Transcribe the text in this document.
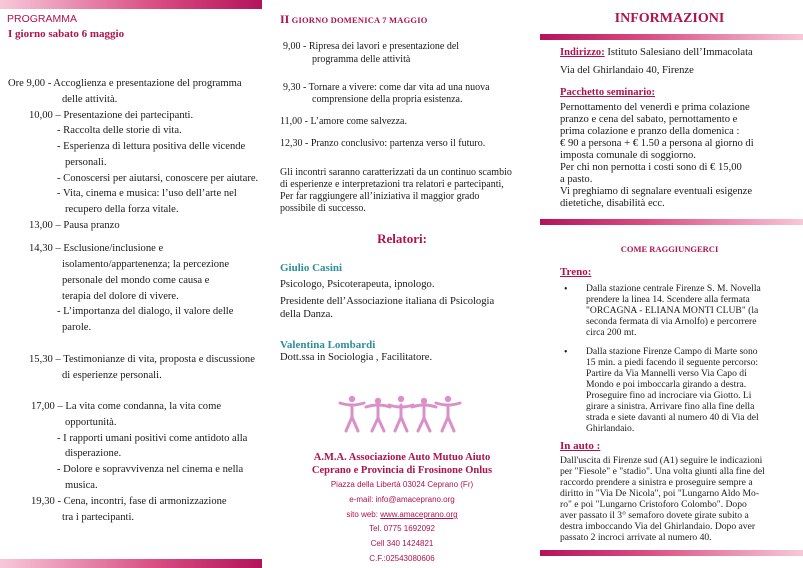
PROGRAMMA
I giorno sabato 6 maggio
Ore 9,00 - Accoglienza e presentazione del programma
delle attività.
10,00 – Presentazione dei partecipanti.
- Raccolta delle storie di vita.
- Esperienza di lettura positiva delle vicende
personali.
- Conoscersi per aiutarsi, conoscere per aiutare.
- Vita, cinema e musica: l’uso dell’arte nel
recupero della forza vitale.
13,00 – Pausa pranzo
14,30 – Esclusione/inclusione e
isolamento/appartenenza; la percezione
personale del mondo come causa e
terapia del dolore di vivere.
- L’importanza del dialogo, il valore delle
parole.
15,30 – Testimonianze di vita, proposta e discussione
di esperienze personali.
17,00 – La vita come condanna, la vita come
opportunità.
- I rapporti umani positivi come antidoto alla
disperazione.
- Dolore e sopravvivenza nel cinema e nella
musica.
19,30 - Cena, incontri, fase di armonizzazione
tra i partecipanti.
II GIORNO DOMENICA 7 MAGGIO
9,00 - Ripresa dei lavori e presentazione del
programma delle attività
9,30 - Tornare a vivere: come dar vita ad una nuova
comprensione della propria esistenza.
11,00 - L’amore come salvezza.
12,30 - Pranzo conclusivo: partenza verso il futuro.
Gli incontri saranno caratterizzati da un continuo scambio
di esperienze e interpretazioni tra relatori e partecipanti,
Per far raggiungere all’iniziativa il maggior grado
possibile di successo.
Relatori:
Giulio Casini
Psicologo, Psicoterapeuta, ipnologo.
Presidente dell’Associazione italiana di Psicologia
della Danza.
Valentina Lombardi
Dott.ssa in Sociologia , Facilitatore.
A.M.A. Associazione Auto Mutuo Aiuto
Ceprano e Provincia di Frosinone Onlus
Piazza della Libertà 03024 Ceprano (Fr)
e-mail: info@amaceprano.org
sito web: www.amaceprano.org
Tel. 0775 1692092
Cell 340 1424821
C.F.:02543080606
INFORMAZIONI
Indirizzo: Istituto Salesiano dell’Immacolata
Via del Ghirlandaio 40, Firenze
Pacchetto seminario:
Pernottamento del venerdì e prima colazione
pranzo e cena del sabato, pernottamento e
prima colazione e pranzo della domenica :
€ 90 a persona + € 1.50 a persona al giorno di
imposta comunale di soggiorno.
Per chi non pernotta i costi sono di € 15,00
a pasto.
Vi preghiamo di segnalare eventuali esigenze
dietetiche, disabilità ecc.
COME RAGGIUNGERCI
Treno:
• Dalla stazione centrale Firenze S. M. Novella
prendere la linea 14. Scendere alla fermata
"ORCAGNA - ELIANA MONTI CLUB" (la
seconda fermata di via Arnolfo) e percorrere
circa 200 mt.
• Dalla stazione Firenze Campo di Marte sono
15 min. a piedi facendo il seguente percorso:
Partire da Via Mannelli verso Via Capo di
Mondo e poi imboccarla girando a destra.
Proseguire fino ad incrociare via Giotto. Li
girare a sinistra. Arrivare fino alla fine della
strada e siete davanti al numero 40 di Via del
Ghirlandaio.
In auto :
Dall'uscita di Firenze sud (A1) seguire le indicazioni
per "Fiesole" e "stadio". Una volta giunti alla fine del
raccordo prendere a sinistra e proseguire sempre a
diritto in "Via De Nicola", poi "Lungarno Aldo Mo-
ro" e poi "Lungarno Cristoforo Colombo". Dopo
aver passato il 3° semaforo dovete girate subito a
destra imboccando Via del Ghirlandaio. Dopo aver
passato 2 incroci arrivate al numero 40.
